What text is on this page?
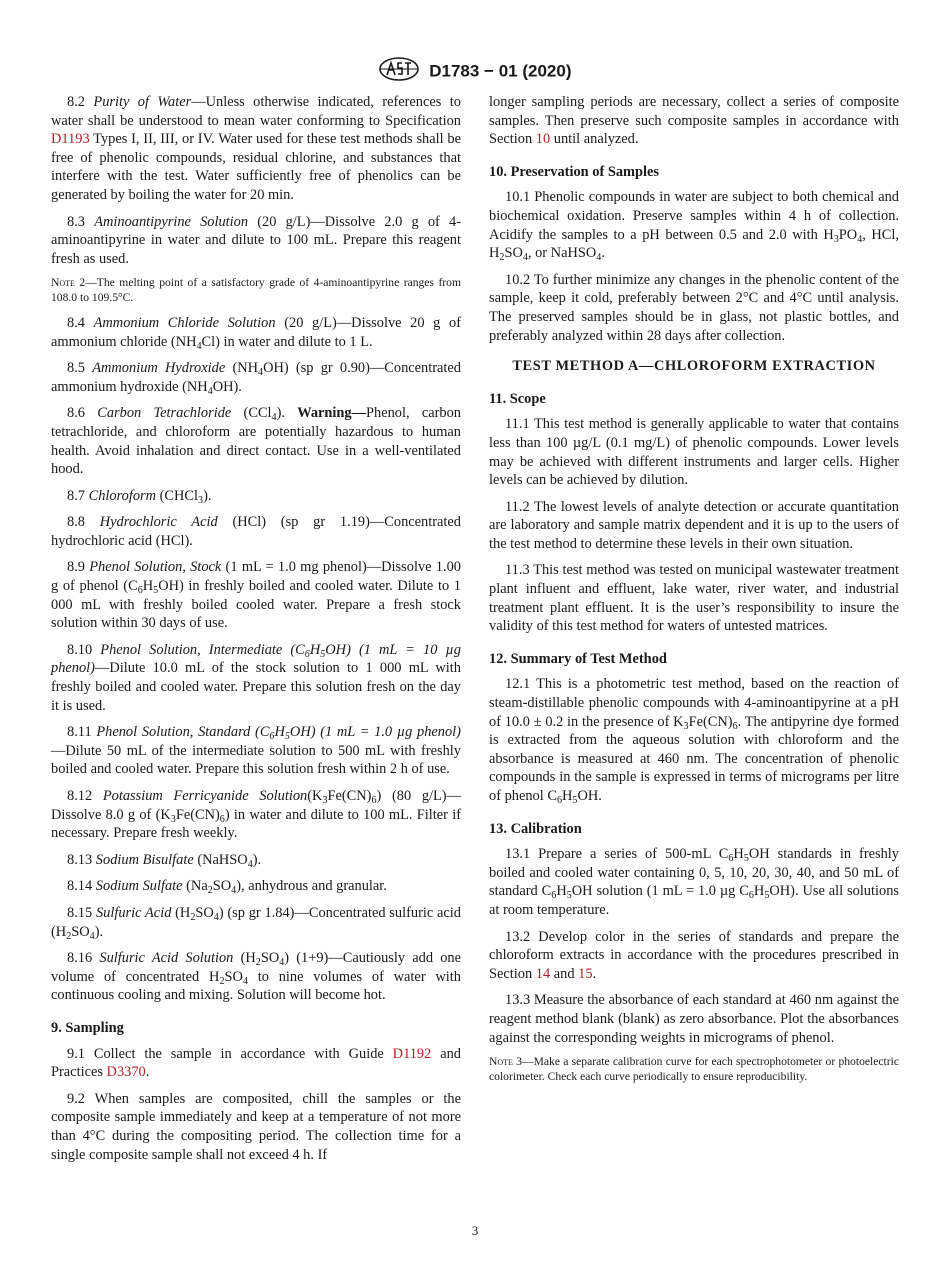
D1783 − 01 (2020)

8.2 Purity of Water—Unless otherwise indicated, references to water shall be understood to mean water conforming to Specification D1193 Types I, II, III, or IV. Water used for these test methods shall be free of phenolic compounds, residual chlorine, and substances that interfere with the test. Water sufficiently free of phenolics can be generated by boiling the water for 20 min.

8.3 Aminoantipyrine Solution (20 g/L)—Dissolve 2.0 g of 4-aminoantipyrine in water and dilute to 100 mL. Prepare this reagent fresh as used.

Note 2—The melting point of a satisfactory grade of 4-aminoantipyrine ranges from 108.0 to 109.5°C.

8.4 Ammonium Chloride Solution (20 g/L)—Dissolve 20 g of ammonium chloride $(NH_4Cl)$ in water and dilute to 1 L.

8.5 Ammonium Hydroxide $(NH_4OH)$ (sp gr 0.90)—Concentrated ammonium hydroxide $(NH_4OH)$.

8.6 Carbon Tetrachloride (CCl$_4$). Warning—Phenol, carbon tetrachloride, and chloroform are potentially hazardous to human health. Avoid inhalation and direct contact. Use in a well-ventilated hood.

8.7 Chloroform (CHCl$_3$).

8.8 Hydrochloric Acid (HCl) (sp gr 1.19)—Concentrated hydrochloric acid (HCl).

8.9 Phenol Solution, Stock (1 mL = 1.0 mg phenol)—Dissolve 1.00 g of phenol $(C_6H_5OH)$ in freshly boiled and cooled water. Dilute to 1 000 mL with freshly boiled cooled water. Prepare a fresh stock solution within 30 days of use.

8.10 Phenol Solution, Intermediate $(C_6H_5OH)$ (1 mL = 10 µg phenol)—Dilute 10.0 mL of the stock solution to 1 000 mL with freshly boiled and cooled water. Prepare this solution fresh on the day it is used.

8.11 Phenol Solution, Standard $(C_6H_5OH)$ (1 mL = 1.0 µg phenol)—Dilute 50 mL of the intermediate solution to 500 mL with freshly boiled and cooled water. Prepare this solution fresh within 2 h of use.

8.12 Potassium Ferricyanide $Solution(K_3Fe(CN)_6)$ (80 g/L)—Dissolve 8.0 g of $(K_3Fe(CN)_6)$ in water and dilute to 100 mL. Filter if necessary. Prepare fresh weekly.

8.13 Sodium Bisulfate (NaHSO$_4$).

8.14 Sodium Sulfate $(Na_2SO_4)$, anhydrous and granular.

8.15 Sulfuric Acid $(H_2SO_4)$ (sp gr 1.84)—Concentrated sulfuric acid $(H_2SO_4)$.

8.16 Sulfuric Acid Solution $(H_2SO_4)$ (1+9)—Cautiously add one volume of concentrated $H_2SO_4$ to nine volumes of water with continuous cooling and mixing. Solution will become hot.

9. Sampling

9.1 Collect the sample in accordance with Guide D1192 and Practices D3370.

9.2 When samples are composited, chill the samples or the composite sample immediately and keep at a temperature of not more than 4°C during the compositing period. The collection time for a single composite sample shall not exceed 4 h. If

longer sampling periods are necessary, collect a series of composite samples. Then preserve such composite samples in accordance with Section 10 until analyzed.

10. Preservation of Samples

10.1 Phenolic compounds in water are subject to both chemical and biochemical oxidation. Preserve samples within 4 h of collection. Acidify the samples to a pH between 0.5 and 2.0 with $H_3PO_4$, HCl, $H_2SO_4$, or NaHSO$_4$.

10.2 To further minimize any changes in the phenolic content of the sample, keep it cold, preferably between 2°C and 4°C until analysis. The preserved samples should be in glass, not plastic bottles, and preferably analyzed within 28 days after collection.

TEST METHOD A—CHLOROFORM EXTRACTION
11. Scope

11.1 This test method is generally applicable to water that contains less than 100 µg/L (0.1 mg/L) of phenolic compounds. Lower levels may be achieved with different instruments and larger cells. Higher levels can be achieved by dilution.

11.2 The lowest levels of analyte detection or accurate quantitation are laboratory and sample matrix dependent and it is up to the users of the test method to determine these levels in their own situation.

11.3 This test method was tested on municipal wastewater treatment plant influent and effluent, lake water, river water, and industrial treatment plant effluent. It is the user’s responsibility to insure the validity of this test method for waters of untested matrices.

12. Summary of Test Method

12.1 This is a photometric test method, based on the reaction of steam-distillable phenolic compounds with 4-aminoantipyrine at a pH of 10.0 ± 0.2 in the presence of $K_3Fe(CN)_6$. The antipyrine dye formed is extracted from the aqueous solution with chloroform and the absorbance is measured at 460 nm. The concentration of phenolic compounds in the sample is expressed in terms of micrograms per litre of phenol $C_6H_5OH$.

13. Calibration

13.1 Prepare a series of 500-mL $C_6H_5OH$ standards in freshly boiled and cooled water containing 0, 5, 10, 20, 30, 40, and 50 mL of standard $C_6H_5OH$ solution (1 mL = 1.0 µg $C_6H_5OH$). Use all solutions at room temperature.

13.2 Develop color in the series of standards and prepare the chloroform extracts in accordance with the procedures prescribed in Section 14 and 15.

13.3 Measure the absorbance of each standard at 460 nm against the reagent method blank (blank) as zero absorbance. Plot the absorbances against the corresponding weights in micrograms of phenol.

Note 3—Make a separate calibration curve for each spectrophotometer or photoelectric colorimeter. Check each curve periodically to ensure reproducibility.
3
